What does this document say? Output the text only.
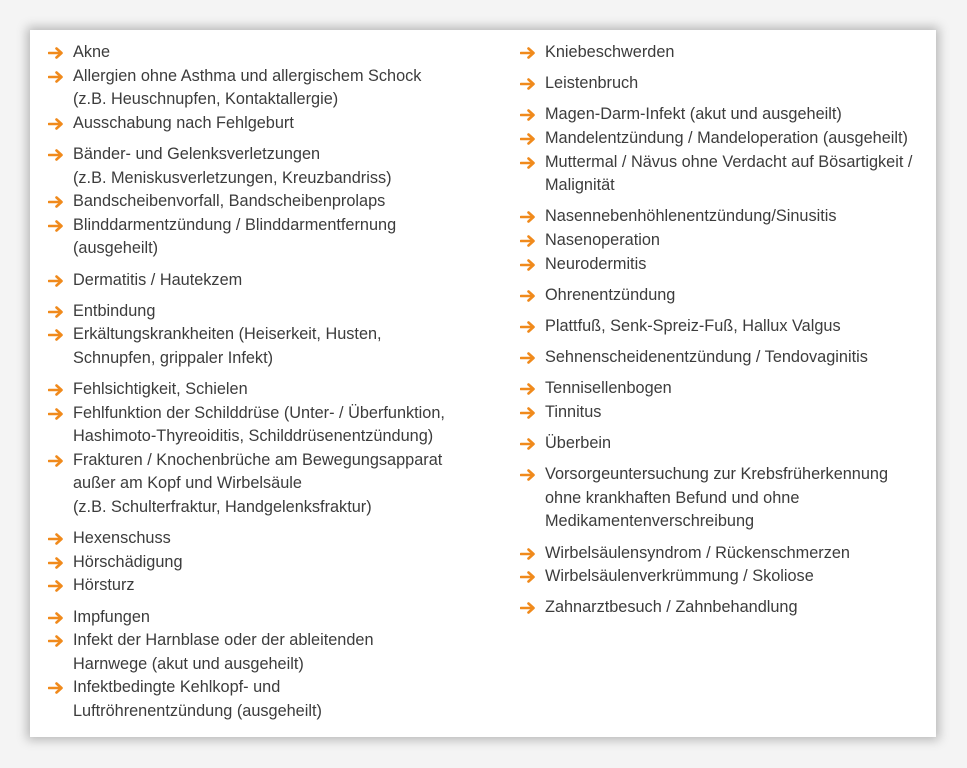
Akne
Allergien ohne Asthma und allergischem Schock
(z.B. Heuschnupfen, Kontaktallergie)
Ausschabung nach Fehlgeburt
Bänder- und Gelenksverletzungen
(z.B. Meniskusverletzungen, Kreuzbandriss)
Bandscheibenvorfall, Bandscheibenprolaps
Blinddarmentzündung / Blinddarmentfernung
(ausgeheilt)
Dermatitis / Hautekzem
Entbindung
Erkältungskrankheiten (Heiserkeit, Husten,
Schnupfen, grippaler Infekt)
Fehlsichtigkeit, Schielen
Fehlfunktion der Schilddrüse (Unter- / Überfunktion,
Hashimoto-Thyreoiditis, Schilddrüsenentzündung)
Frakturen / Knochenbrüche am Bewegungsapparat
außer am Kopf und Wirbelsäule
(z.B. Schulterfraktur, Handgelenksfraktur)
Hexenschuss
Hörschädigung
Hörsturz
Impfungen
Infekt der Harnblase oder der ableitenden
Harnwege (akut und ausgeheilt)
Infektbedingte Kehlkopf- und
Luftröhrenentzündung (ausgeheilt)
Kniebeschwerden
Leistenbruch
Magen-Darm-Infekt (akut und ausgeheilt)
Mandelentzündung / Mandeloperation (ausgeheilt)
Muttermal / Nävus ohne Verdacht auf Bösartigkeit /
Malignität
Nasennebenhöhlenentzündung/Sinusitis
Nasenoperation
Neurodermitis
Ohrenentzündung
Plattfuß, Senk-Spreiz-Fuß, Hallux Valgus
Sehnenscheidenentzündung / Tendovaginitis
Tennisellenbogen
Tinnitus
Überbein
Vorsorgeuntersuchung zur Krebsfrüherkennung
ohne krankhaften Befund und ohne
Medikamentenverschreibung
Wirbelsäulensyndrom / Rückenschmerzen
Wirbelsäulenverkrümmung / Skoliose
Zahnarztbesuch / Zahnbehandlung
